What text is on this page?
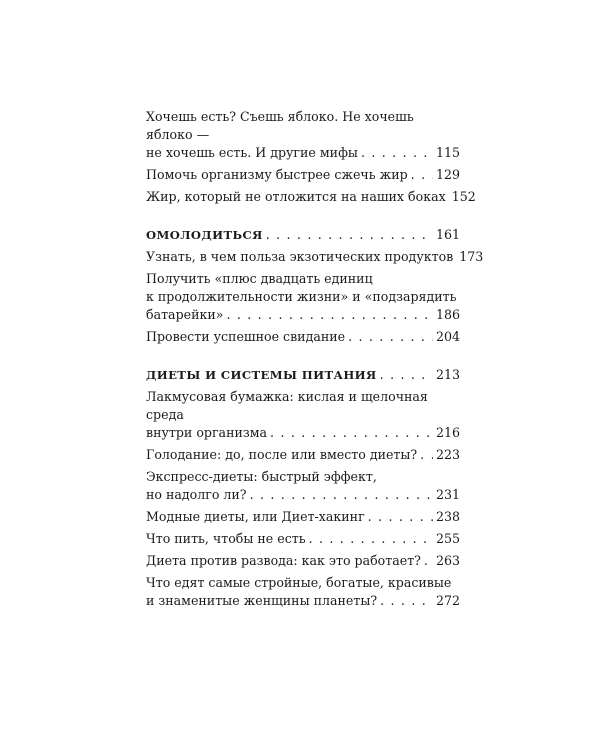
Хочешь есть? Съешь яблоко. Не хочешь яблоко —
не хочешь есть. И другие мифы . . .	115
Помочь организму быстрее сжечь жир . . . 129
Жир, который не отложится на наших боках 152
ОМОЛОДИТЬСЯ . . .	161
Узнать, в чем польза экзотических продуктов 173
Получить «плюс двадцать единиц
к продолжительности жизни» и «подзарядить
батарейки» . . .	186
Провести успешное свидание . . .	204
ДИЕТЫ И СИСТЕМЫ ПИТАНИЯ . . .	213
Лакмусовая бумажка: кислая и щелочная среда
внутри организма . . .	216
Голодание: до, после или вместо диеты? . . . 223
Экспресс-диеты: быстрый эффект,
но надолго ли? . . .	231
Модные диеты, или Диет-хакинг . . .	238
Что пить, чтобы не есть . . .	255
Диета против развода: как это работает? . . . 263
Что едят самые стройные, богатые, красивые
и знаменитые женщины планеты? . . .	272
